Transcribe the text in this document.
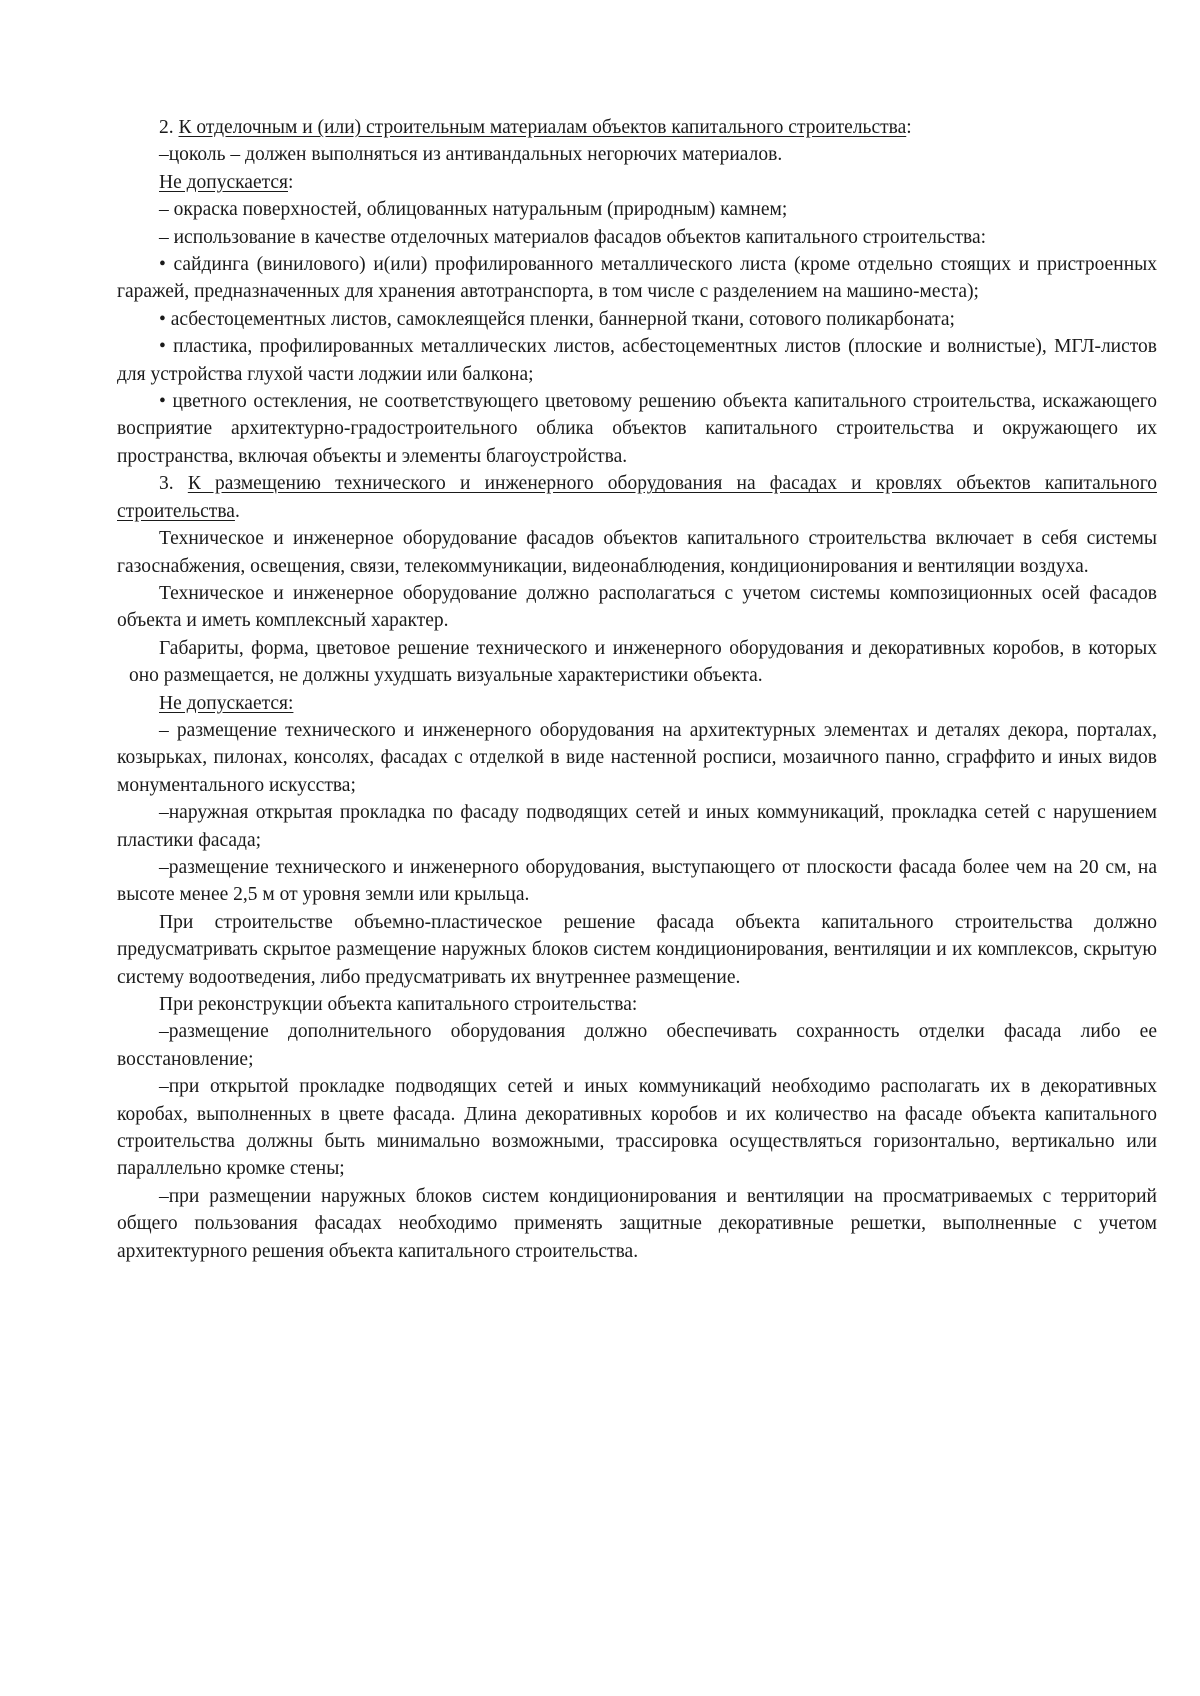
2. К отделочным и (или) строительным материалам объектов капитального строительства:

–цоколь – должен выполняться из антивандальных негорючих материалов.

Не допускается:

– окраска поверхностей, облицованных натуральным (природным) камнем;

– использование в качестве отделочных материалов фасадов объектов капитального строительства:

• сайдинга (винилового) и(или) профилированного металлического листа (кроме отдельно стоящих и пристроенных гаражей, предназначенных для хранения автотранспорта, в том числе с разделением на машино-места);

• асбестоцементных листов, самоклеящейся пленки, баннерной ткани, сотового поликарбоната;

• пластика, профилированных металлических листов, асбестоцементных листов (плоские и волнистые), МГЛ-листов для устройства глухой части лоджии или балкона;

• цветного остекления, не соответствующего цветовому решению объекта капитального строительства, искажающего восприятие архитектурно-градостроительного облика объектов капитального строительства и окружающего их пространства, включая объекты и элементы благоустройства.

3. К размещению технического и инженерного оборудования на фасадах и кровлях объектов капитального строительства.

Техническое и инженерное оборудование фасадов объектов капитального строительства включает в себя системы газоснабжения, освещения, связи, телекоммуникации, видеонаблюдения, кондиционирования и вентиляции воздуха.

Техническое и инженерное оборудование должно располагаться с учетом системы композиционных осей фасадов объекта и иметь комплексный характер.

Габариты, форма, цветовое решение технического и инженерного оборудования и декоративных коробов, в которых оно размещается, не должны ухудшать визуальные характеристики объекта.

Не допускается:

– размещение технического и инженерного оборудования на архитектурных элементах и деталях декора, порталах, козырьках, пилонах, консолях, фасадах с отделкой в виде настенной росписи, мозаичного панно, сграффито и иных видов монументального искусства;

–наружная открытая прокладка по фасаду подводящих сетей и иных коммуникаций, прокладка сетей с нарушением пластики фасада;

–размещение технического и инженерного оборудования, выступающего от плоскости фасада более чем на 20 см, на высоте менее 2,5 м от уровня земли или крыльца.

При строительстве объемно-пластическое решение фасада объекта капитального строительства должно предусматривать скрытое размещение наружных блоков систем кондиционирования, вентиляции и их комплексов, скрытую систему водоотведения, либо предусматривать их внутреннее размещение.

При реконструкции объекта капитального строительства:

–размещение дополнительного оборудования должно обеспечивать сохранность отделки фасада либо ее восстановление;

–при открытой прокладке подводящих сетей и иных коммуникаций необходимо располагать их в декоративных коробах, выполненных в цвете фасада. Длина декоративных коробов и их количество на фасаде объекта капитального строительства должны быть минимально возможными, трассировка осуществляться горизонтально, вертикально или параллельно кромке стены;

–при размещении наружных блоков систем кондиционирования и вентиляции на просматриваемых с территорий общего пользования фасадах необходимо применять защитные декоративные решетки, выполненные с учетом архитектурного решения объекта капитального строительства.
